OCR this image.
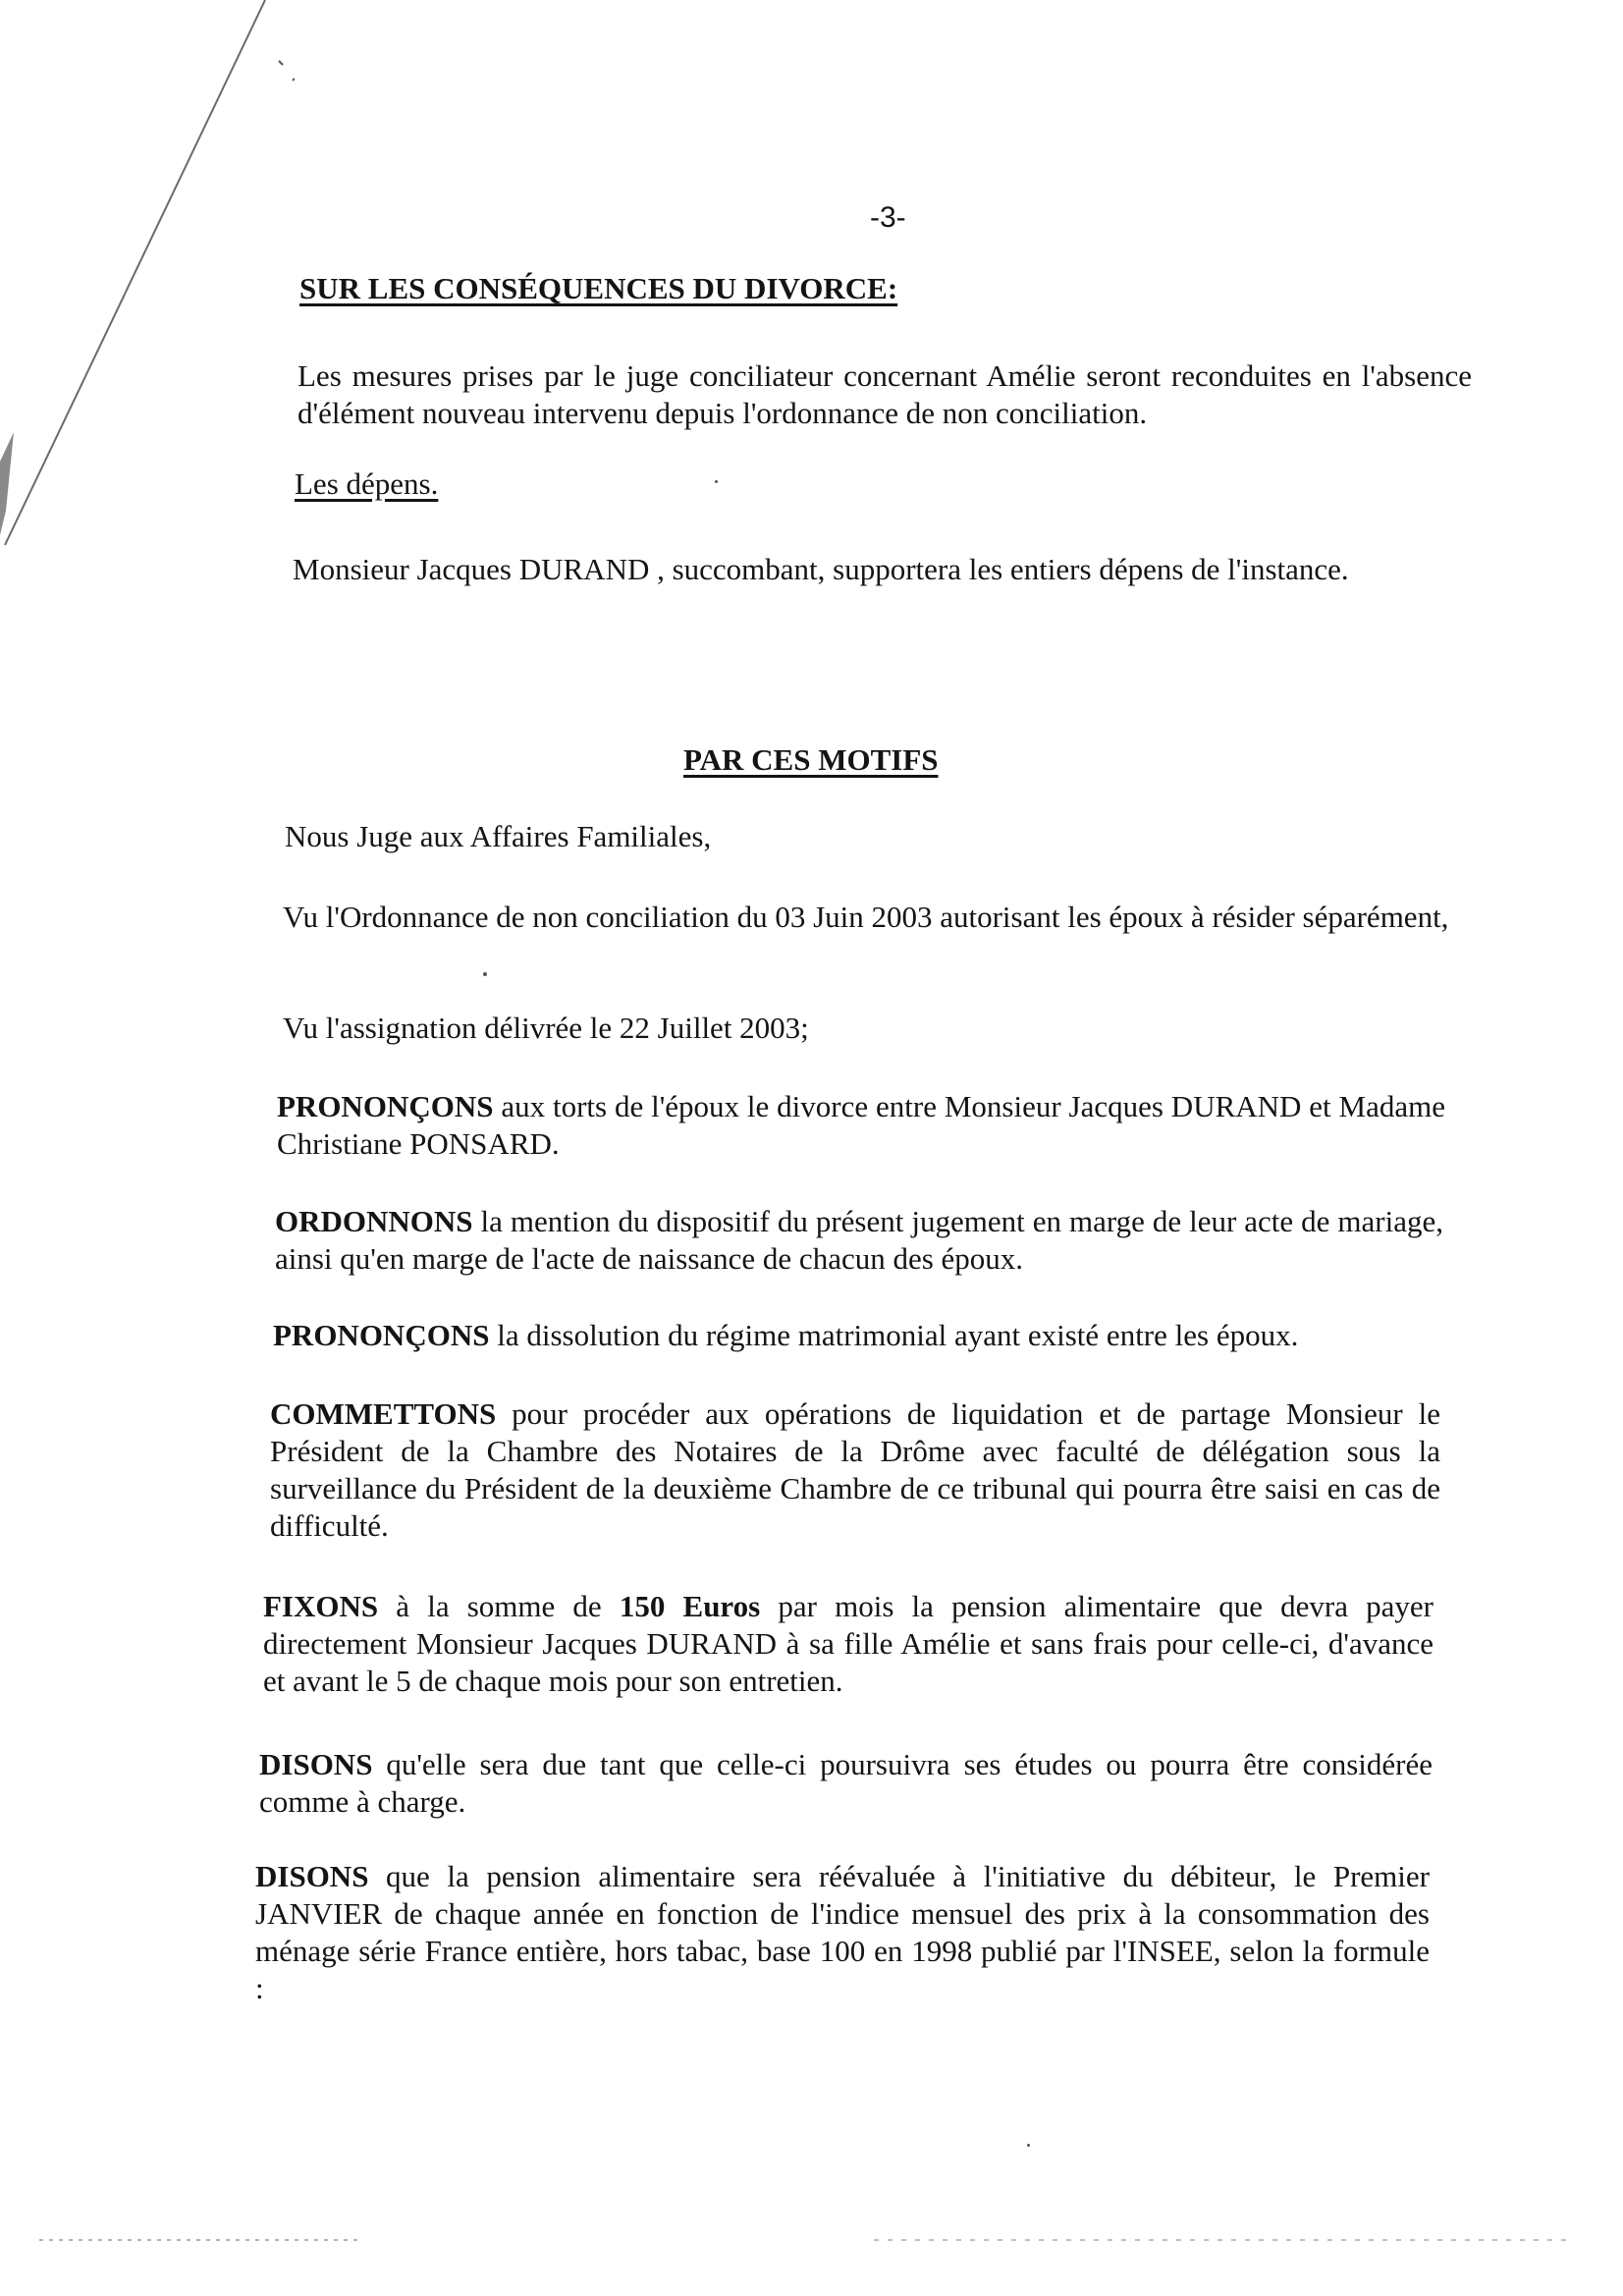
-3-
SUR LES CONSÉQUENCES DU DIVORCE:

Les mesures prises par le juge conciliateur concernant Amélie seront reconduites en l'absence d'élément nouveau intervenu depuis l'ordonnance de non conciliation.

Les dépens.

Monsieur Jacques DURAND , succombant, supportera les entiers dépens de l'instance.

PAR CES MOTIFS

Nous Juge aux Affaires Familiales,

Vu l'Ordonnance de non conciliation du 03 Juin 2003 autorisant les époux à résider séparément,

Vu l'assignation délivrée le 22 Juillet 2003;

PRONONÇONS aux torts de l'époux le divorce entre Monsieur Jacques DURAND et Madame Christiane PONSARD.

ORDONNONS la mention du dispositif du présent jugement en marge de leur acte de mariage, ainsi qu'en marge de l'acte de naissance de chacun des époux.

PRONONÇONS la dissolution du régime matrimonial ayant existé entre les époux.

COMMETTONS pour procéder aux opérations de liquidation et de partage Monsieur le Président de la Chambre des Notaires de la Drôme avec faculté de délégation sous la surveillance du Président de la deuxième Chambre de ce tribunal qui pourra être saisi en cas de difficulté.

FIXONS à la somme de 150 Euros par mois la pension alimentaire que devra payer directement Monsieur Jacques DURAND à sa fille Amélie et sans frais pour celle-ci, d'avance et avant le 5 de chaque mois pour son entretien.

DISONS qu'elle sera due tant que celle-ci poursuivra ses études ou pourra être considérée comme à charge.

DISONS que la pension alimentaire sera réévaluée à l'initiative du débiteur, le Premier JANVIER de chaque année en fonction de l'indice mensuel des prix à la consommation des ménage série France entière, hors tabac, base 100 en 1998 publié par l'INSEE, selon la formule :
